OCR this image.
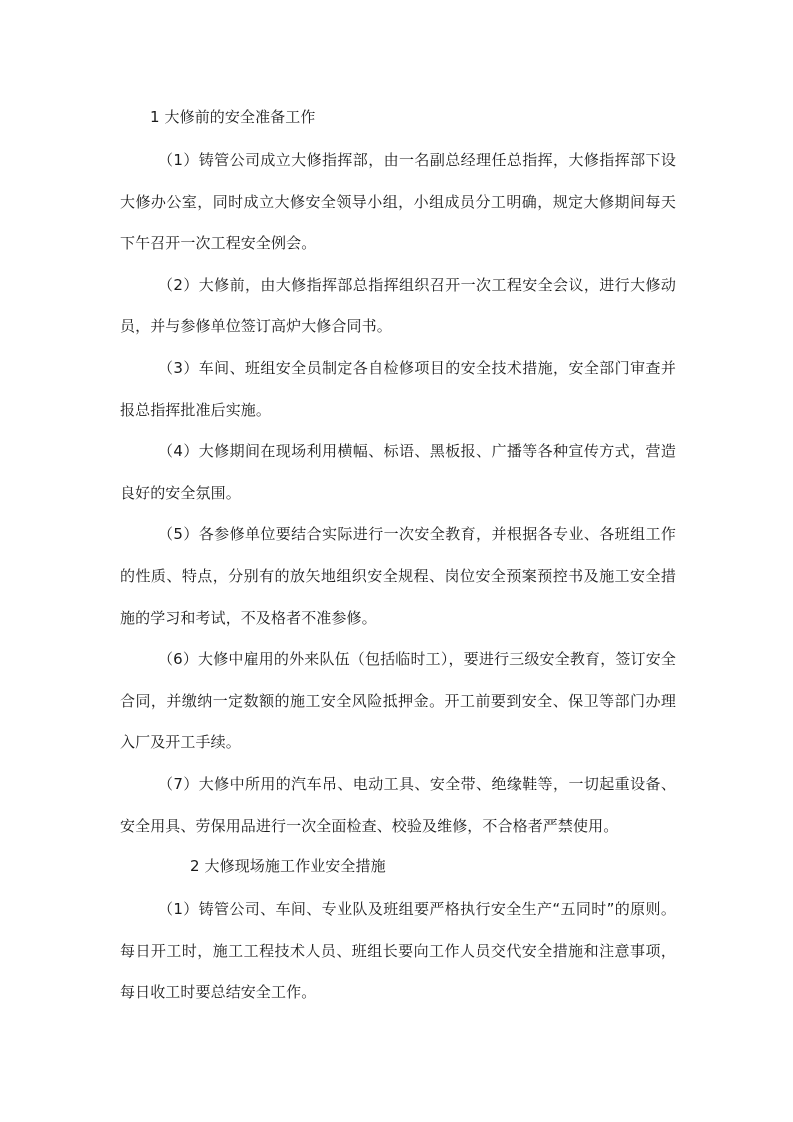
1 大修前的安全准备工作

（1）铸管公司成立大修指挥部，由一名副总经理任总指挥，大修指挥部下设大修办公室，同时成立大修安全领导小组，小组成员分工明确，规定大修期间每天下午召开一次工程安全例会。

（2）大修前，由大修指挥部总指挥组织召开一次工程安全会议，进行大修动员，并与参修单位签订高炉大修合同书。

（3）车间、班组安全员制定各自检修项目的安全技术措施，安全部门审查并报总指挥批准后实施。

（4）大修期间在现场利用横幅、标语、黑板报、广播等各种宣传方式，营造良好的安全氛围。

（5）各参修单位要结合实际进行一次安全教育，并根据各专业、各班组工作的性质、特点，分别有的放矢地组织安全规程、岗位安全预案预控书及施工安全措施的学习和考试，不及格者不准参修。

（6）大修中雇用的外来队伍（包括临时工），要进行三级安全教育，签订安全合同，并缴纳一定数额的施工安全风险抵押金。开工前要到安全、保卫等部门办理入厂及开工手续。

（7）大修中所用的汽车吊、电动工具、安全带、绝缘鞋等，一切起重设备、安全用具、劳保用品进行一次全面检查、校验及维修，不合格者严禁使用。

2 大修现场施工作业安全措施

（1）铸管公司、车间、专业队及班组要严格执行安全生产“五同时”的原则。每日开工时，施工工程技术人员、班组长要向工作人员交代安全措施和注意事项，每日收工时要总结安全工作。
